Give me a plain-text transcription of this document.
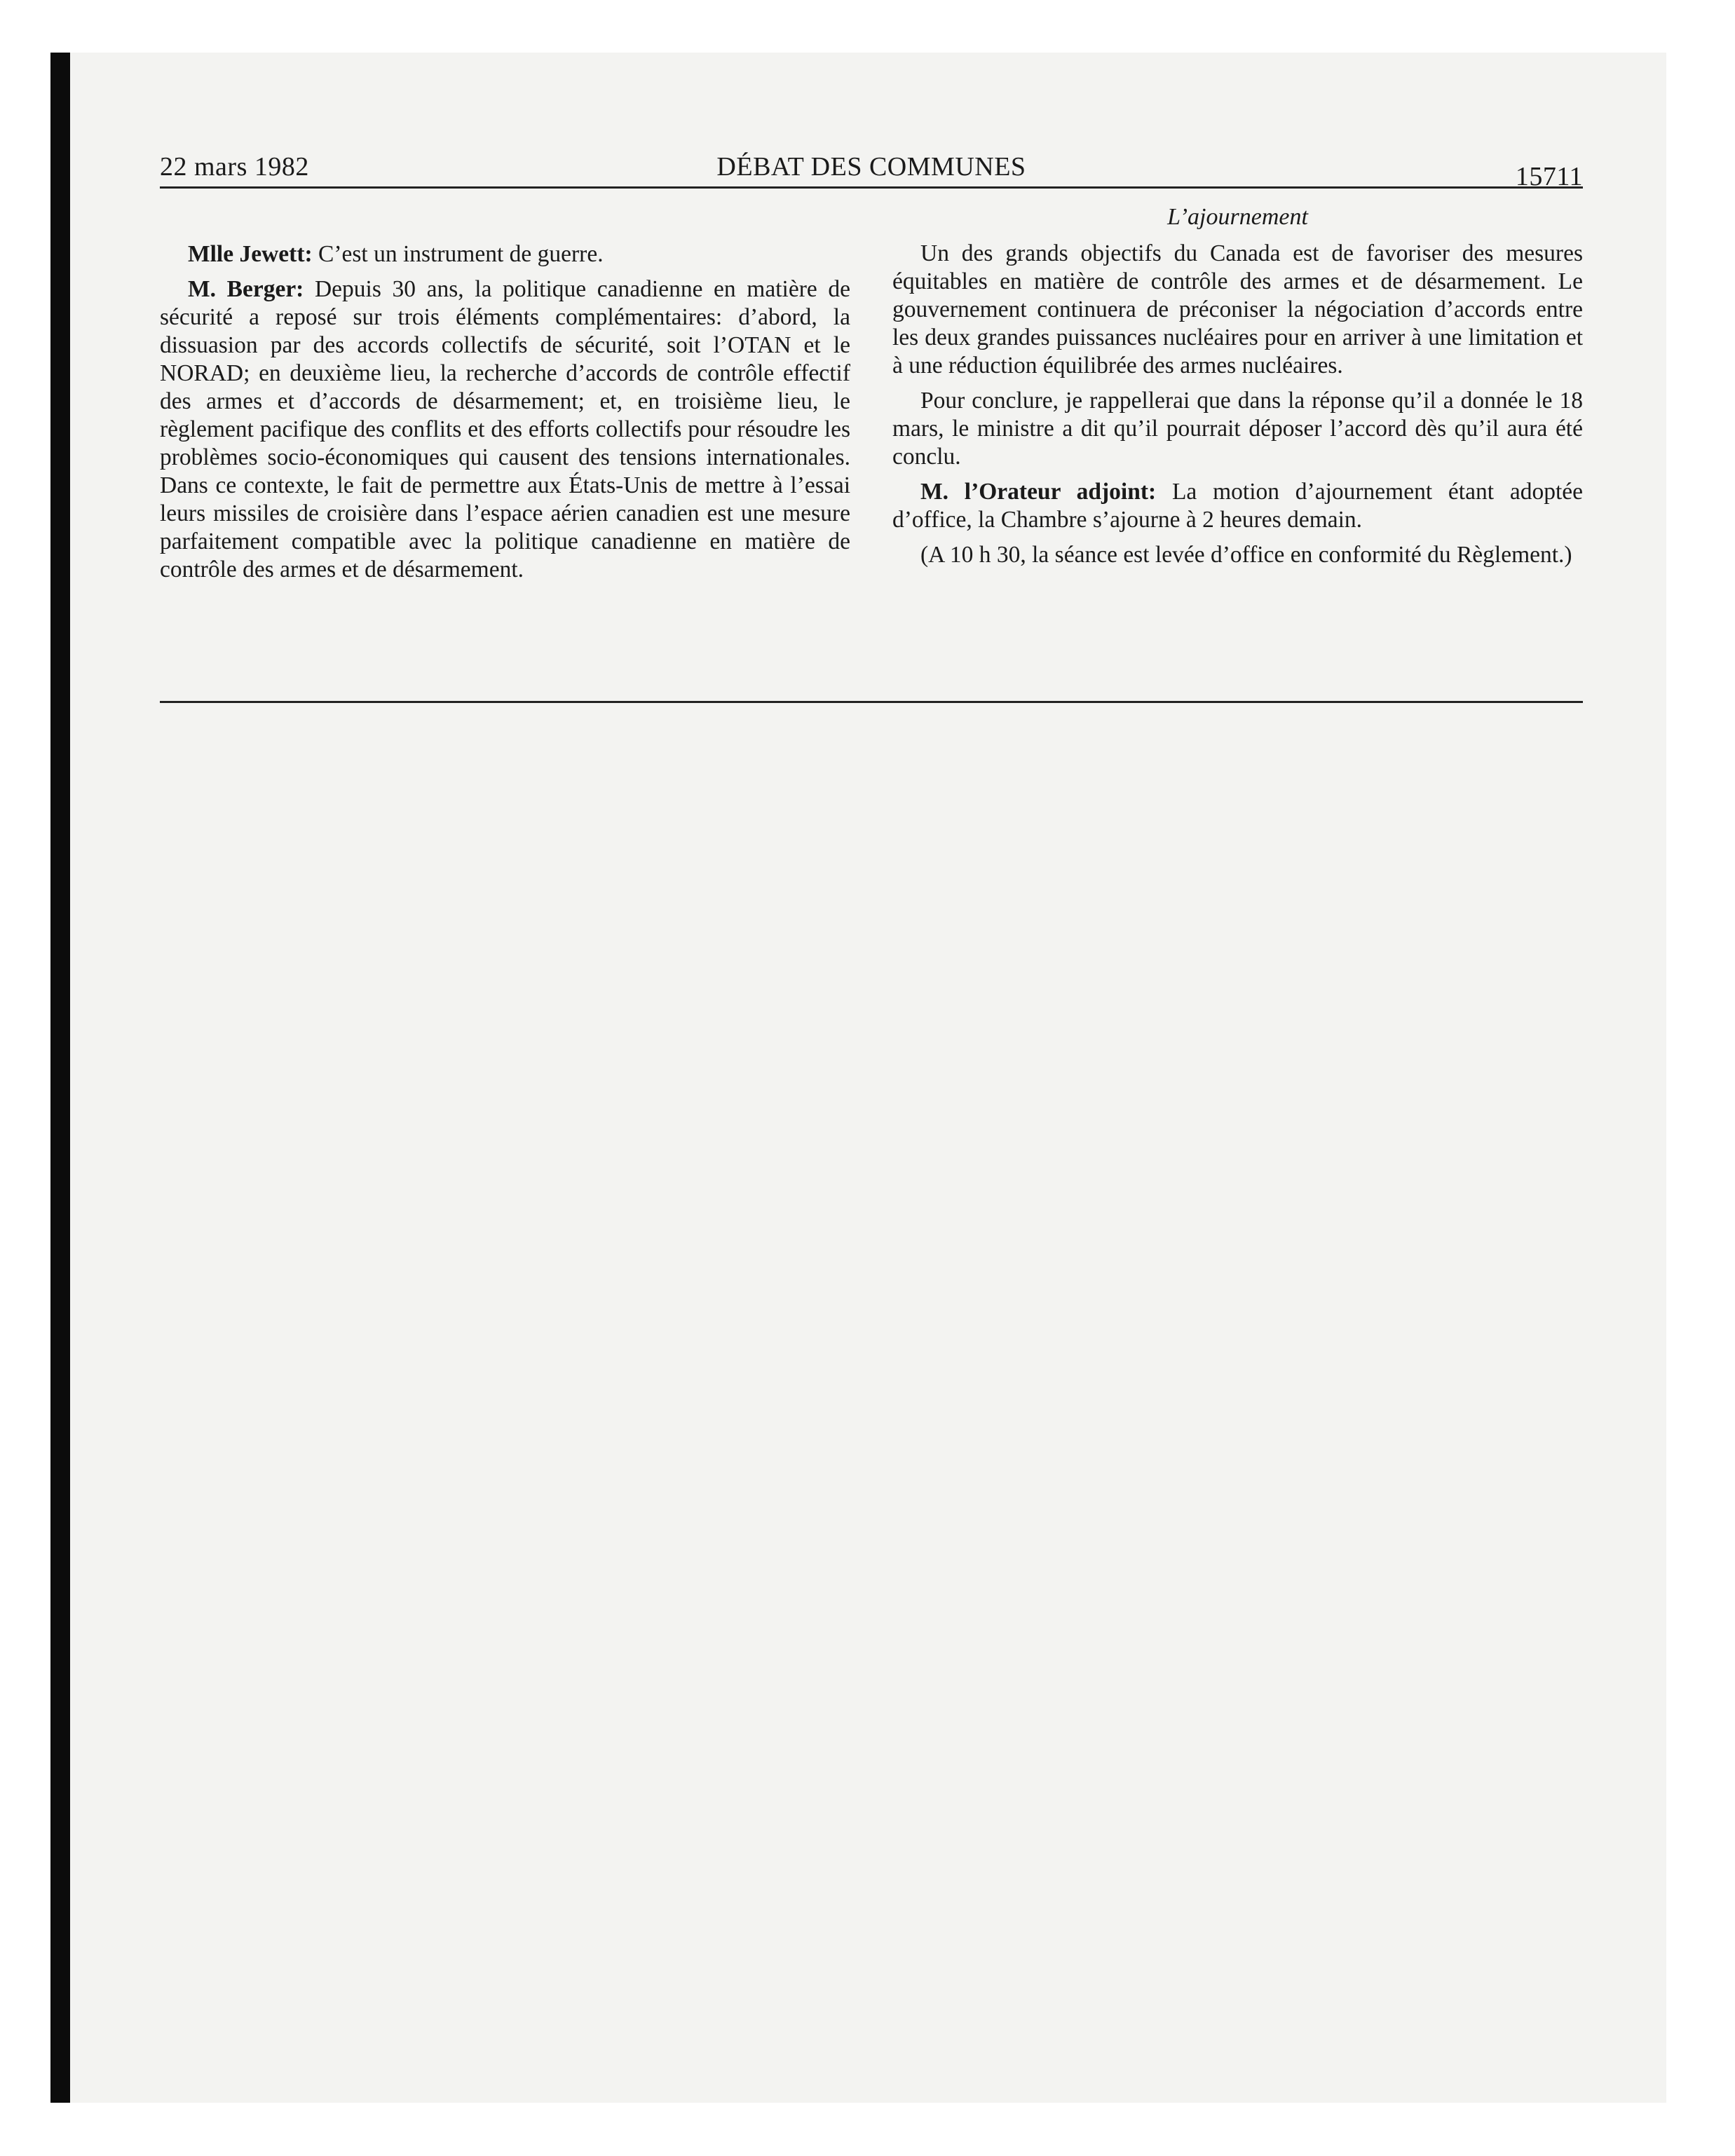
22 mars 1982	DÉBAT DES COMMUNES	15711

Mlle Jewett: C’est un instrument de guerre.

M. Berger: Depuis 30 ans, la politique canadienne en matière de sécurité a reposé sur trois éléments complémentaires: d’abord, la dissuasion par des accords collectifs de sécurité, soit l’OTAN et le NORAD; en deuxième lieu, la recherche d’accords de contrôle effectif des armes et d’accords de désarmement; et, en troisième lieu, le règlement pacifique des conflits et des efforts collectifs pour résoudre les problèmes socio-économiques qui causent des tensions internationales. Dans ce contexte, le fait de permettre aux États-Unis de mettre à l’essai leurs missiles de croisière dans l’espace aérien canadien est une mesure parfaitement compatible avec la politique canadienne en matière de contrôle des armes et de désarmement.

L’ajournement

Un des grands objectifs du Canada est de favoriser des mesures équitables en matière de contrôle des armes et de désarmement. Le gouvernement continuera de préconiser la négociation d’accords entre les deux grandes puissances nucléaires pour en arriver à une limitation et à une réduction équilibrée des armes nucléaires.

Pour conclure, je rappellerai que dans la réponse qu’il a donnée le 18 mars, le ministre a dit qu’il pourrait déposer l’accord dès qu’il aura été conclu.

M. l’Orateur adjoint: La motion d’ajournement étant adoptée d’office, la Chambre s’ajourne à 2 heures demain.

(A 10 h 30, la séance est levée d’office en conformité du Règlement.)
